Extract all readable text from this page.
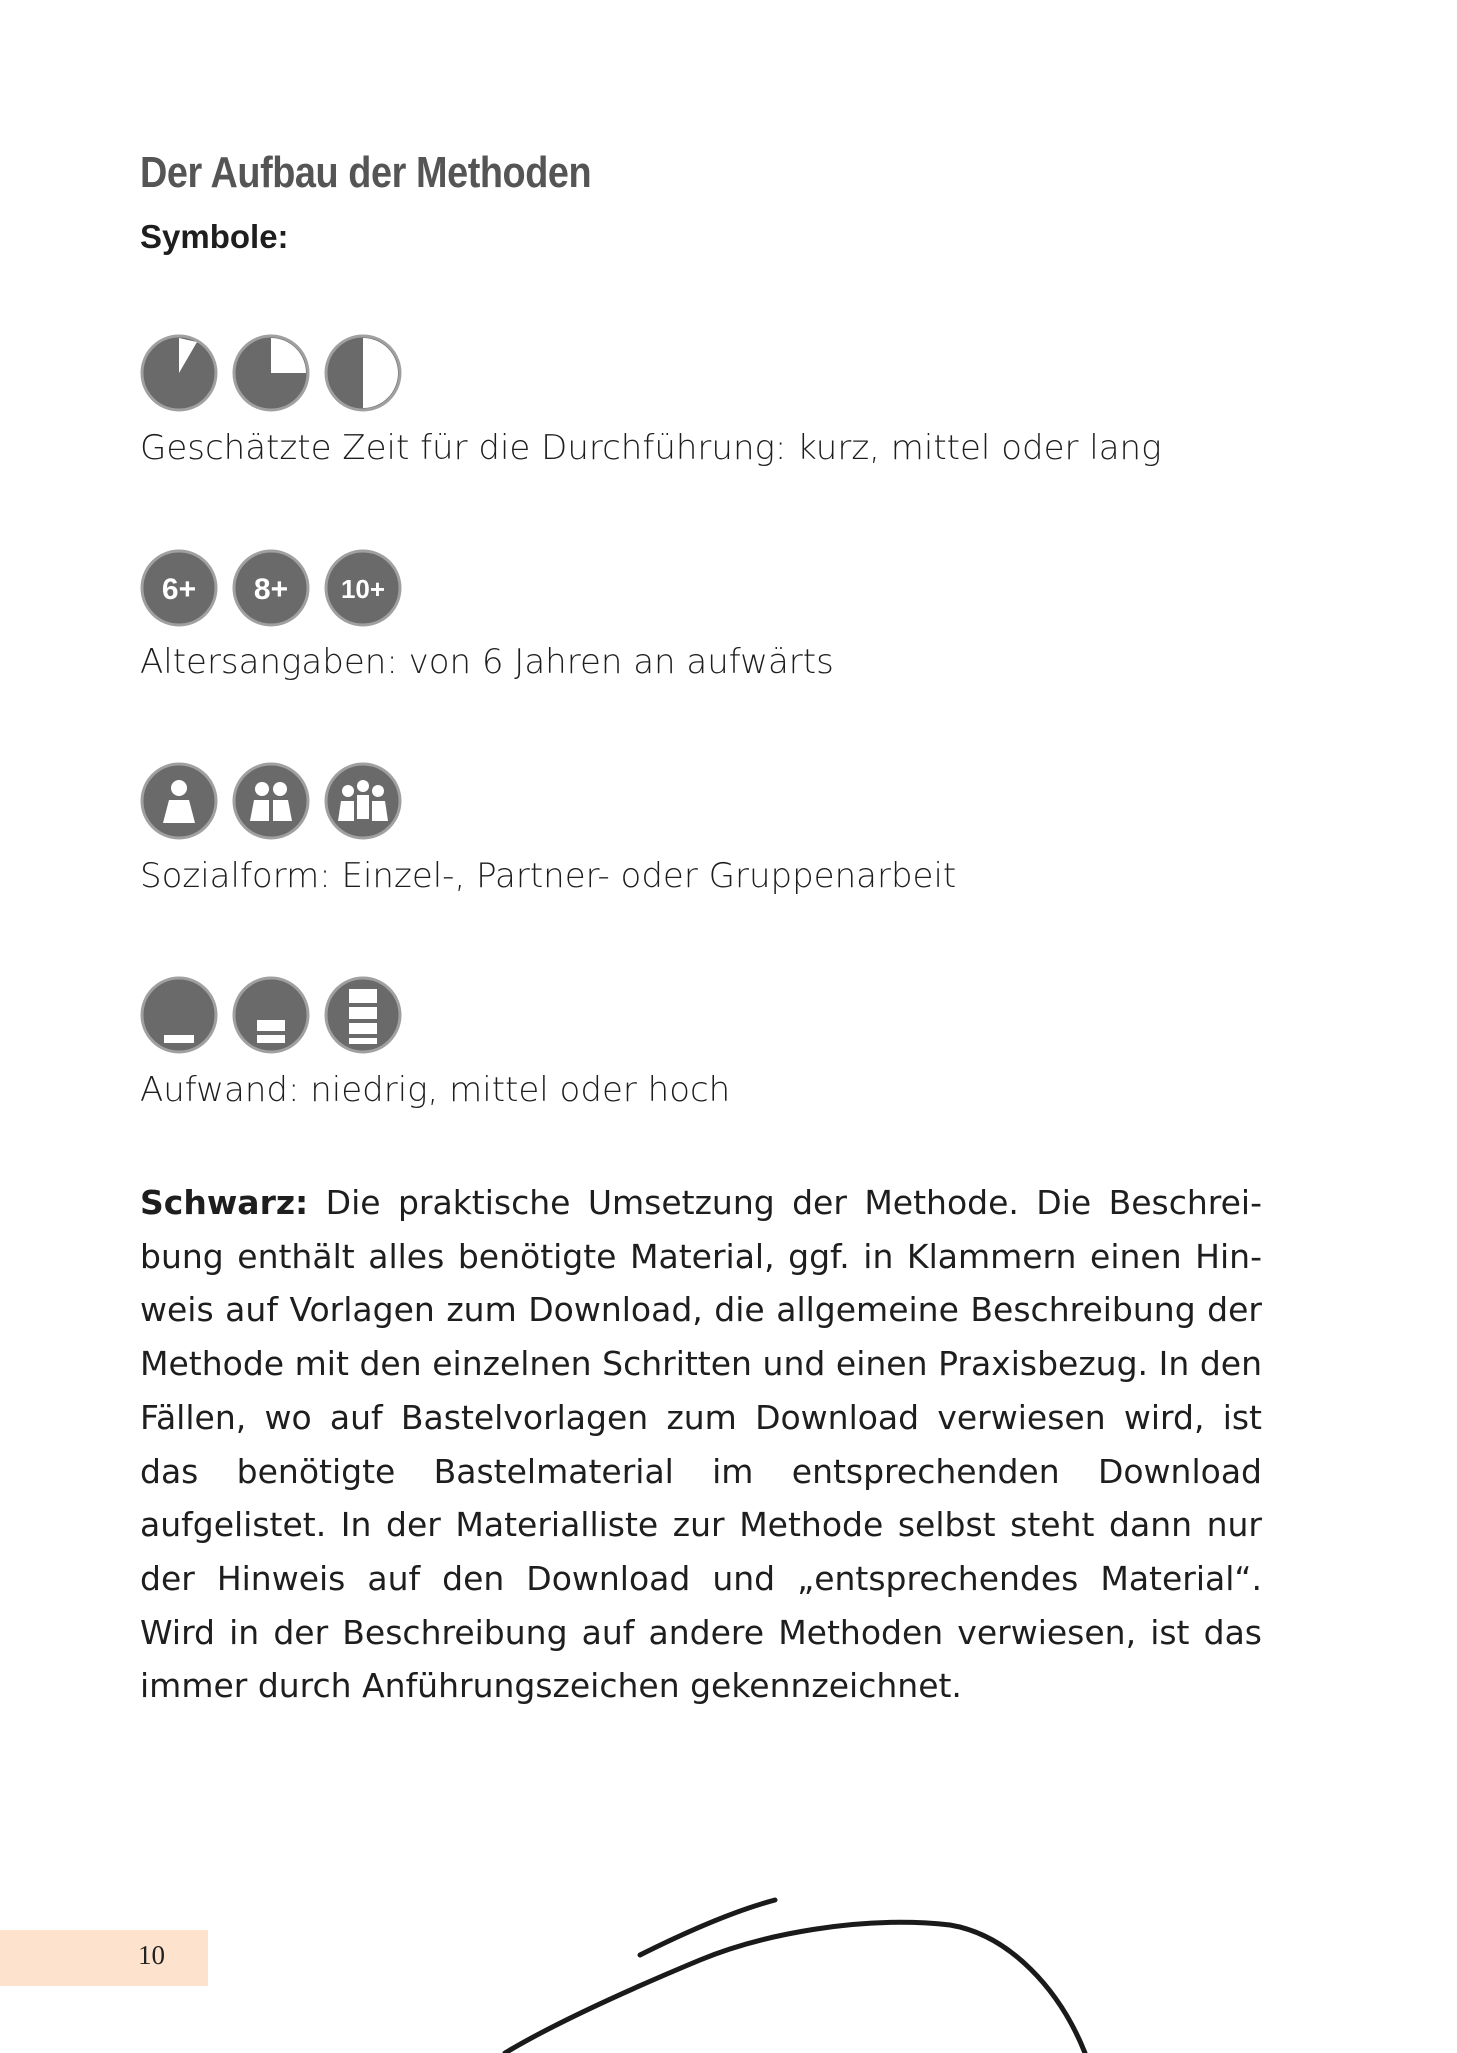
Der Aufbau der Methoden
Symbole:

Geschätzte Zeit für die Durchführung: kurz, mittel oder lang

6+ 8+ 10+

Altersangaben: von 6 Jahren an aufwärts

Sozialform: Einzel-, Partner- oder Gruppenarbeit

Aufwand: niedrig, mittel oder hoch

Schwarz: Die praktische Umsetzung der Methode. Die Beschreibung enthält alles benötigte Material, ggf. in Klammern einen Hinweis auf Vorlagen zum Download, die allgemeine Beschreibung der Methode mit den einzelnen Schritten und einen Praxisbezug. In den Fällen, wo auf Bastelvorlagen zum Download verwiesen wird, ist das benötigte Bastelmaterial im entsprechenden Download aufgelistet. In der Materialliste zur Methode selbst steht dann nur der Hinweis auf den Download und „entsprechendes Material“. Wird in der Beschreibung auf andere Methoden verwiesen, ist das immer durch Anführungszeichen gekennzeichnet.

10
